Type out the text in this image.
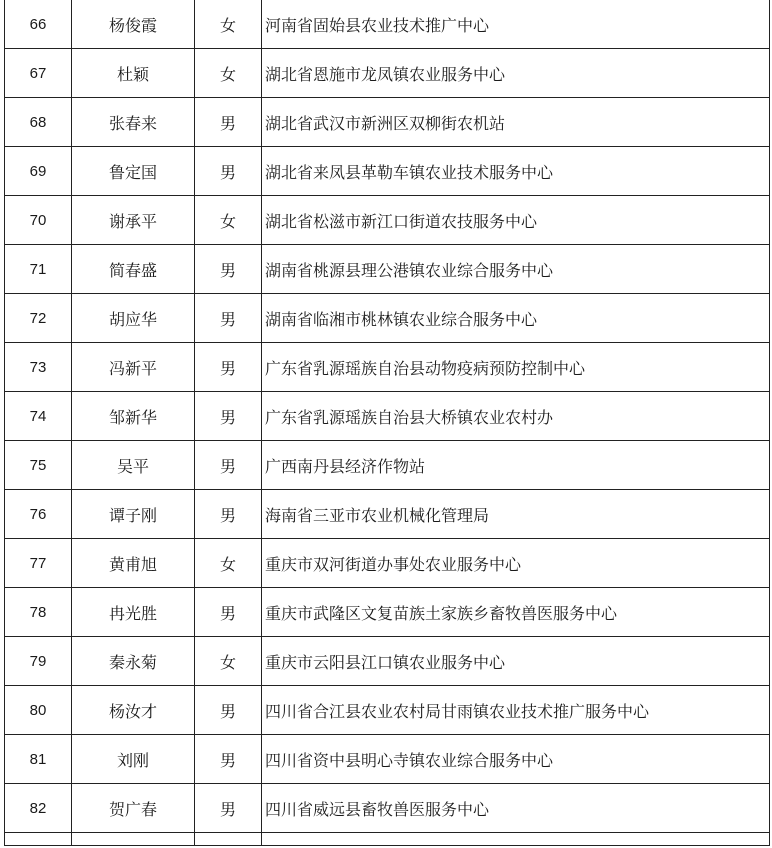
66	杨俊霞	女	河南省固始县农业技术推广中心
67	杜颖	女	湖北省恩施市龙凤镇农业服务中心
68	张春来	男	湖北省武汉市新洲区双柳街农机站
69	鲁定国	男	湖北省来凤县革勒车镇农业技术服务中心
70	谢承平	女	湖北省松滋市新江口街道农技服务中心
71	简春盛	男	湖南省桃源县理公港镇农业综合服务中心
72	胡应华	男	湖南省临湘市桃林镇农业综合服务中心
73	冯新平	男	广东省乳源瑶族自治县动物疫病预防控制中心
74	邹新华	男	广东省乳源瑶族自治县大桥镇农业农村办
75	吴平	男	广西南丹县经济作物站
76	谭子刚	男	海南省三亚市农业机械化管理局
77	黄甫旭	女	重庆市双河街道办事处农业服务中心
78	冉光胜	男	重庆市武隆区文复苗族土家族乡畜牧兽医服务中心
79	秦永菊	女	重庆市云阳县江口镇农业服务中心
80	杨汝才	男	四川省合江县农业农村局甘雨镇农业技术推广服务中心
81	刘刚	男	四川省资中县明心寺镇农业综合服务中心
82	贺广春	男	四川省威远县畜牧兽医服务中心
